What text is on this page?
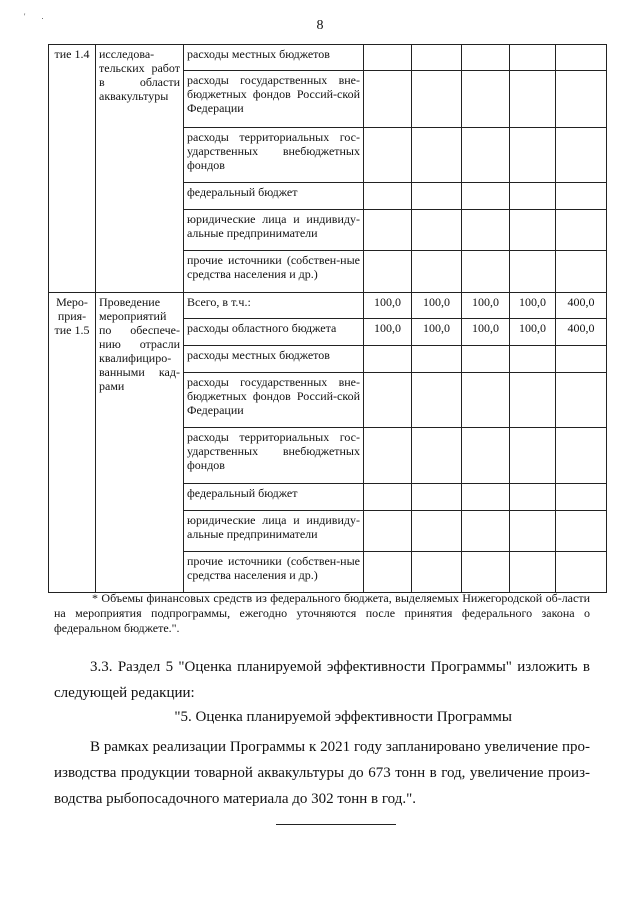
'        .
8
тие 1.4	исследова-тельских работ в области аквакультуры	расходы местных бюджетов					
		расходы государственных вне-бюджетных фондов Россий-ской Федерации					
		расходы территориальных гос-ударственных внебюджетных фондов					
		федеральный бюджет					
		юридические лица и индивиду-альные предприниматели					
		прочие источники (собствен-ные средства населения и др.)					
Меро-прия-тие 1.5	Проведение мероприятий по обеспече-нию отрасли квалифициро-ванными кад-рами	Всего, в т.ч.:	100,0	100,0	100,0	100,0	400,0
		расходы областного бюджета	100,0	100,0	100,0	100,0	400,0
		расходы местных бюджетов					
		расходы государственных вне-бюджетных фондов Россий-ской Федерации					
		расходы территориальных гос-ударственных внебюджетных фондов					
		федеральный бюджет					
		юридические лица и индивиду-альные предприниматели					
		прочие источники (собствен-ные средства населения и др.)					
* Объемы финансовых средств из федерального бюджета, выделяемых Нижегородской об-ласти на мероприятия подпрограммы, ежегодно уточняются после принятия федерального закона о федеральном бюджете.".
3.3. Раздел 5 "Оценка планируемой эффективности Программы" изложить в следующей редакции:
"5. Оценка планируемой эффективности Программы
В рамках реализации Программы к 2021 году запланировано увеличение про-изводства продукции товарной аквакультуры до 673 тонн в год, увеличение произ-водства рыбопосадочного материала до 302 тонн в год.".
